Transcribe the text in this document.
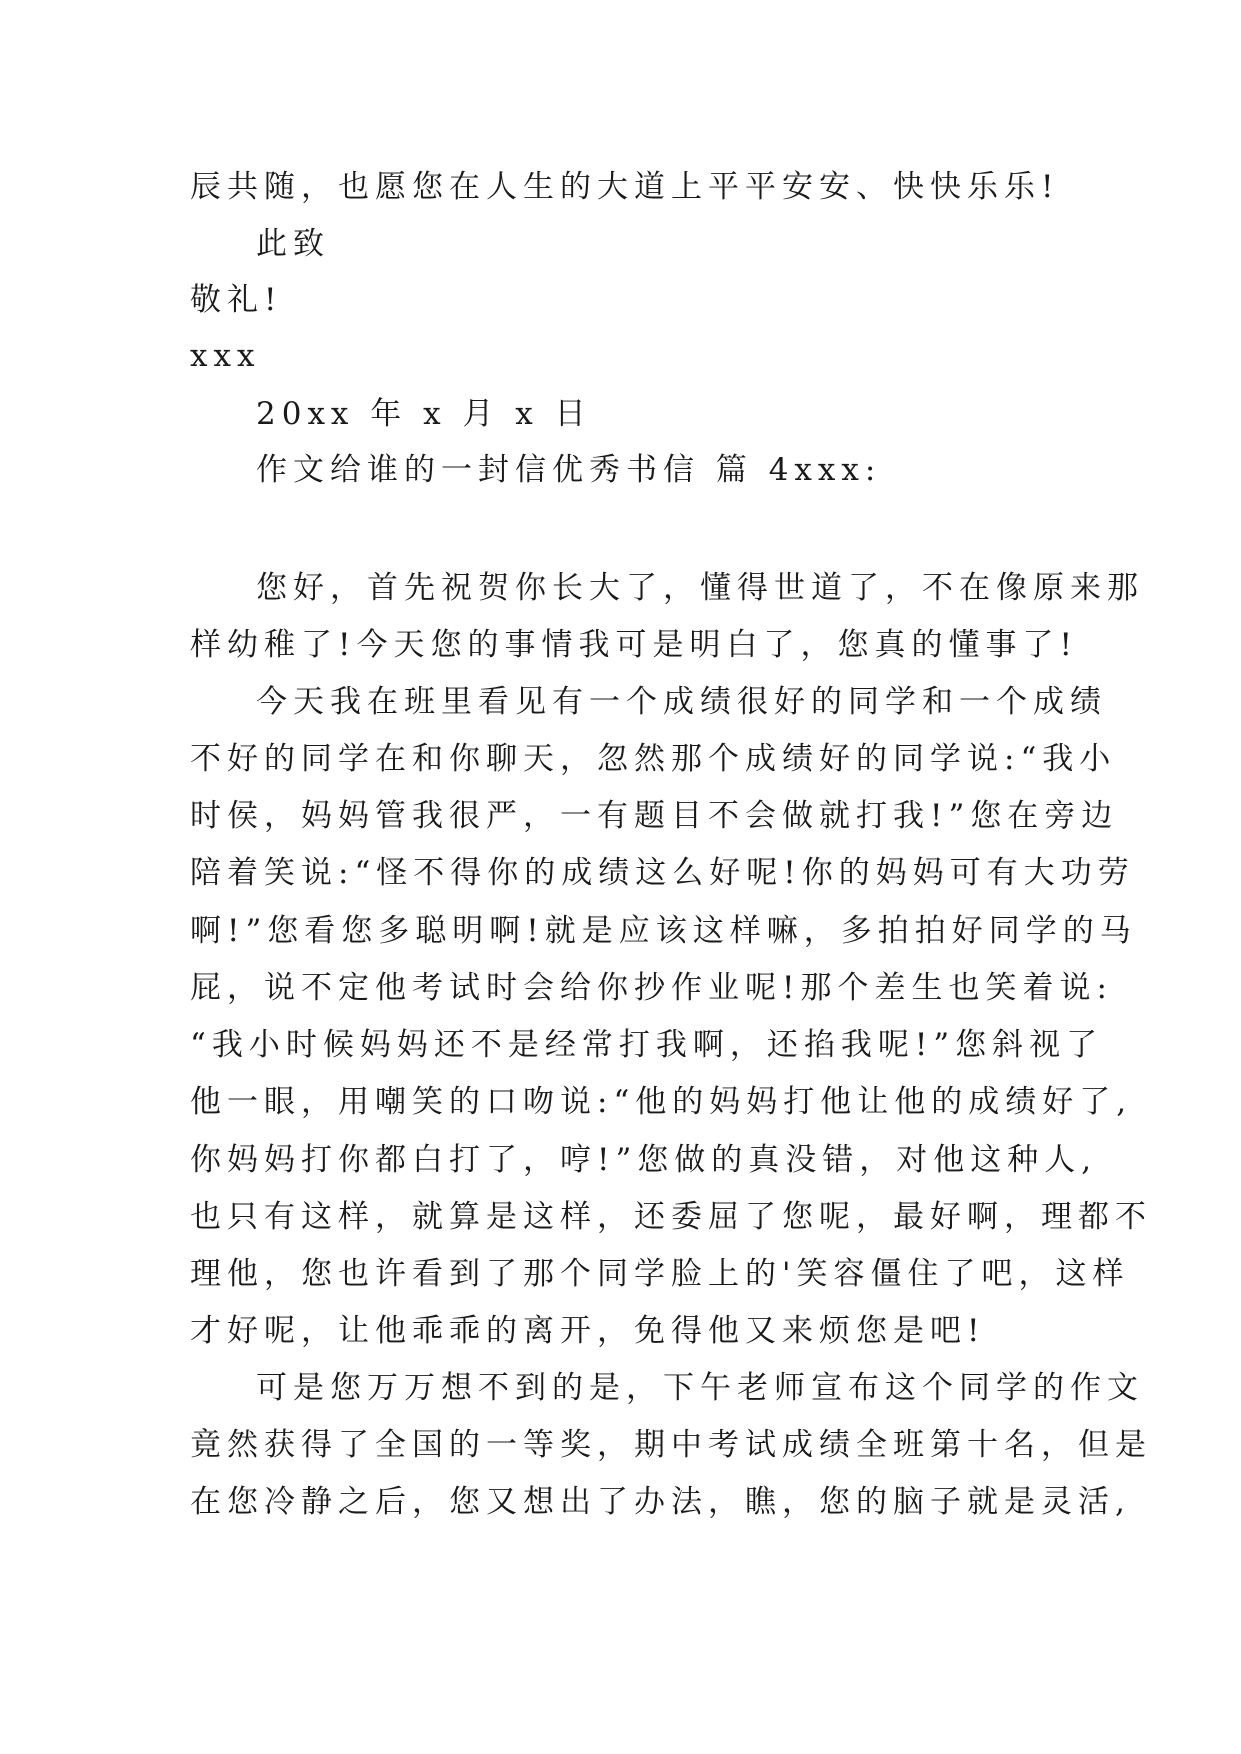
辰共随，也愿您在人生的大道上平平安安、快快乐乐!
此致
敬礼!
xxx
20xx 年 x 月 x 日
作文给谁的一封信优秀书信 篇 4xxx:
您好，首先祝贺你长大了，懂得世道了，不在像原来那
样幼稚了!今天您的事情我可是明白了，您真的懂事了!
今天我在班里看见有一个成绩很好的同学和一个成绩
不好的同学在和你聊天，忽然那个成绩好的同学说:“我小
时侯，妈妈管我很严，一有题目不会做就打我!”您在旁边
陪着笑说:“怪不得你的成绩这么好呢!你的妈妈可有大功劳
啊!”您看您多聪明啊!就是应该这样嘛，多拍拍好同学的马
屁，说不定他考试时会给你抄作业呢!那个差生也笑着说:
“我小时候妈妈还不是经常打我啊，还掐我呢!”您斜视了
他一眼，用嘲笑的口吻说:“他的妈妈打他让他的成绩好了,
你妈妈打你都白打了，哼!”您做的真没错，对他这种人,
也只有这样，就算是这样，还委屈了您呢，最好啊，理都不
理他，您也许看到了那个同学脸上的'笑容僵住了吧，这样
才好呢，让他乖乖的离开，免得他又来烦您是吧!
可是您万万想不到的是，下午老师宣布这个同学的作文
竟然获得了全国的一等奖，期中考试成绩全班第十名，但是
在您冷静之后，您又想出了办法，瞧，您的脑子就是灵活,
